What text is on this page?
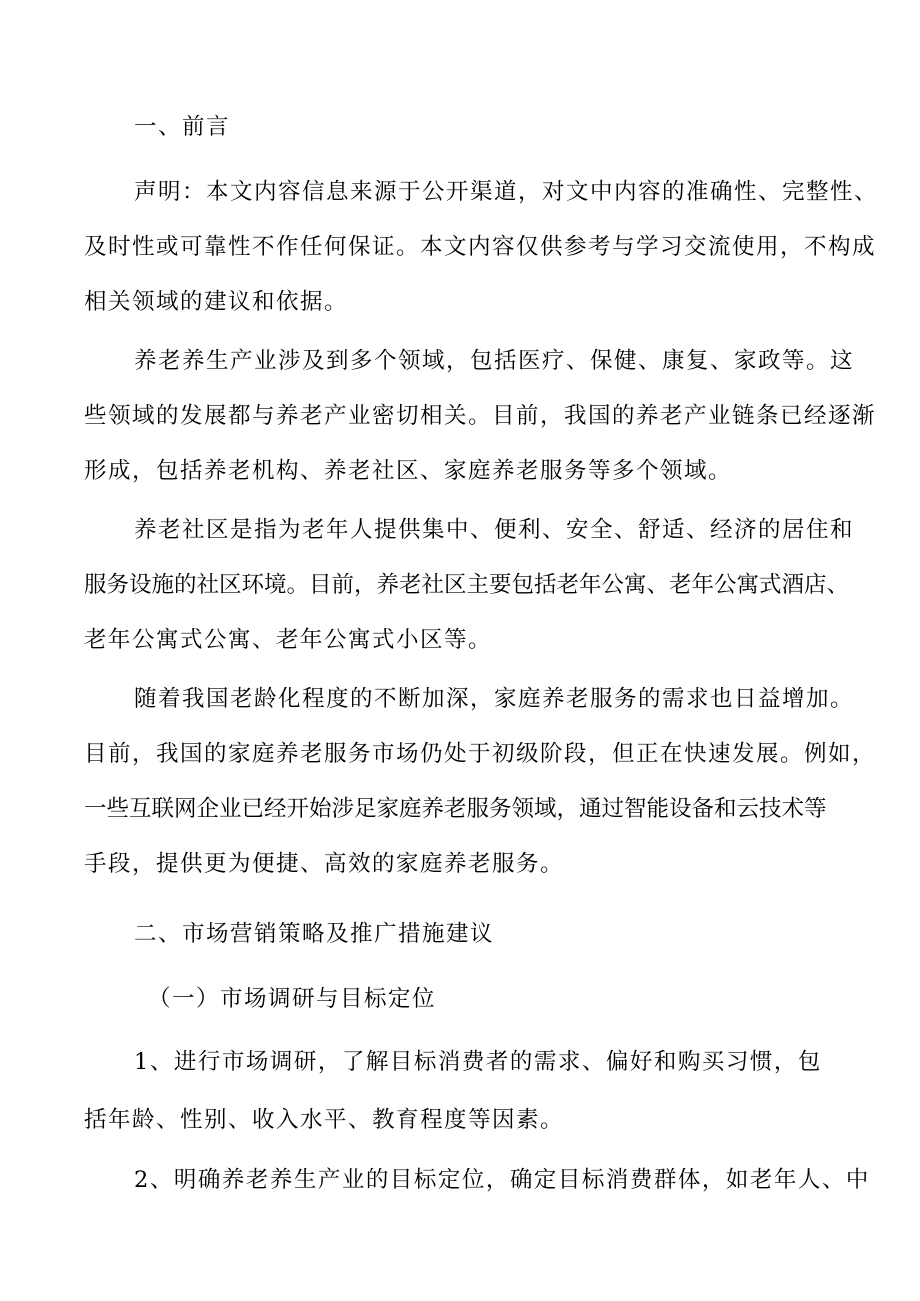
一、前言
声明：本文内容信息来源于公开渠道，对文中内容的准确性、完整性、
及时性或可靠性不作任何保证。本文内容仅供参考与学习交流使用，不构成
相关领域的建议和依据。
养老养生产业涉及到多个领域，包括医疗、保健、康复、家政等。这
些领域的发展都与养老产业密切相关。目前，我国的养老产业链条已经逐渐
形成，包括养老机构、养老社区、家庭养老服务等多个领域。
养老社区是指为老年人提供集中、便利、安全、舒适、经济的居住和
服务设施的社区环境。目前，养老社区主要包括老年公寓、老年公寓式酒店、
老年公寓式公寓、老年公寓式小区等。
随着我国老龄化程度的不断加深，家庭养老服务的需求也日益增加。
目前，我国的家庭养老服务市场仍处于初级阶段，但正在快速发展。例如，
一些互联网企业已经开始涉足家庭养老服务领域，通过智能设备和云技术等
手段，提供更为便捷、高效的家庭养老服务。
二、市场营销策略及推广措施建议
（一）市场调研与目标定位
1、进行市场调研，了解目标消费者的需求、偏好和购买习惯，包
括年龄、性别、收入水平、教育程度等因素。
2、明确养老养生产业的目标定位，确定目标消费群体，如老年人、中
